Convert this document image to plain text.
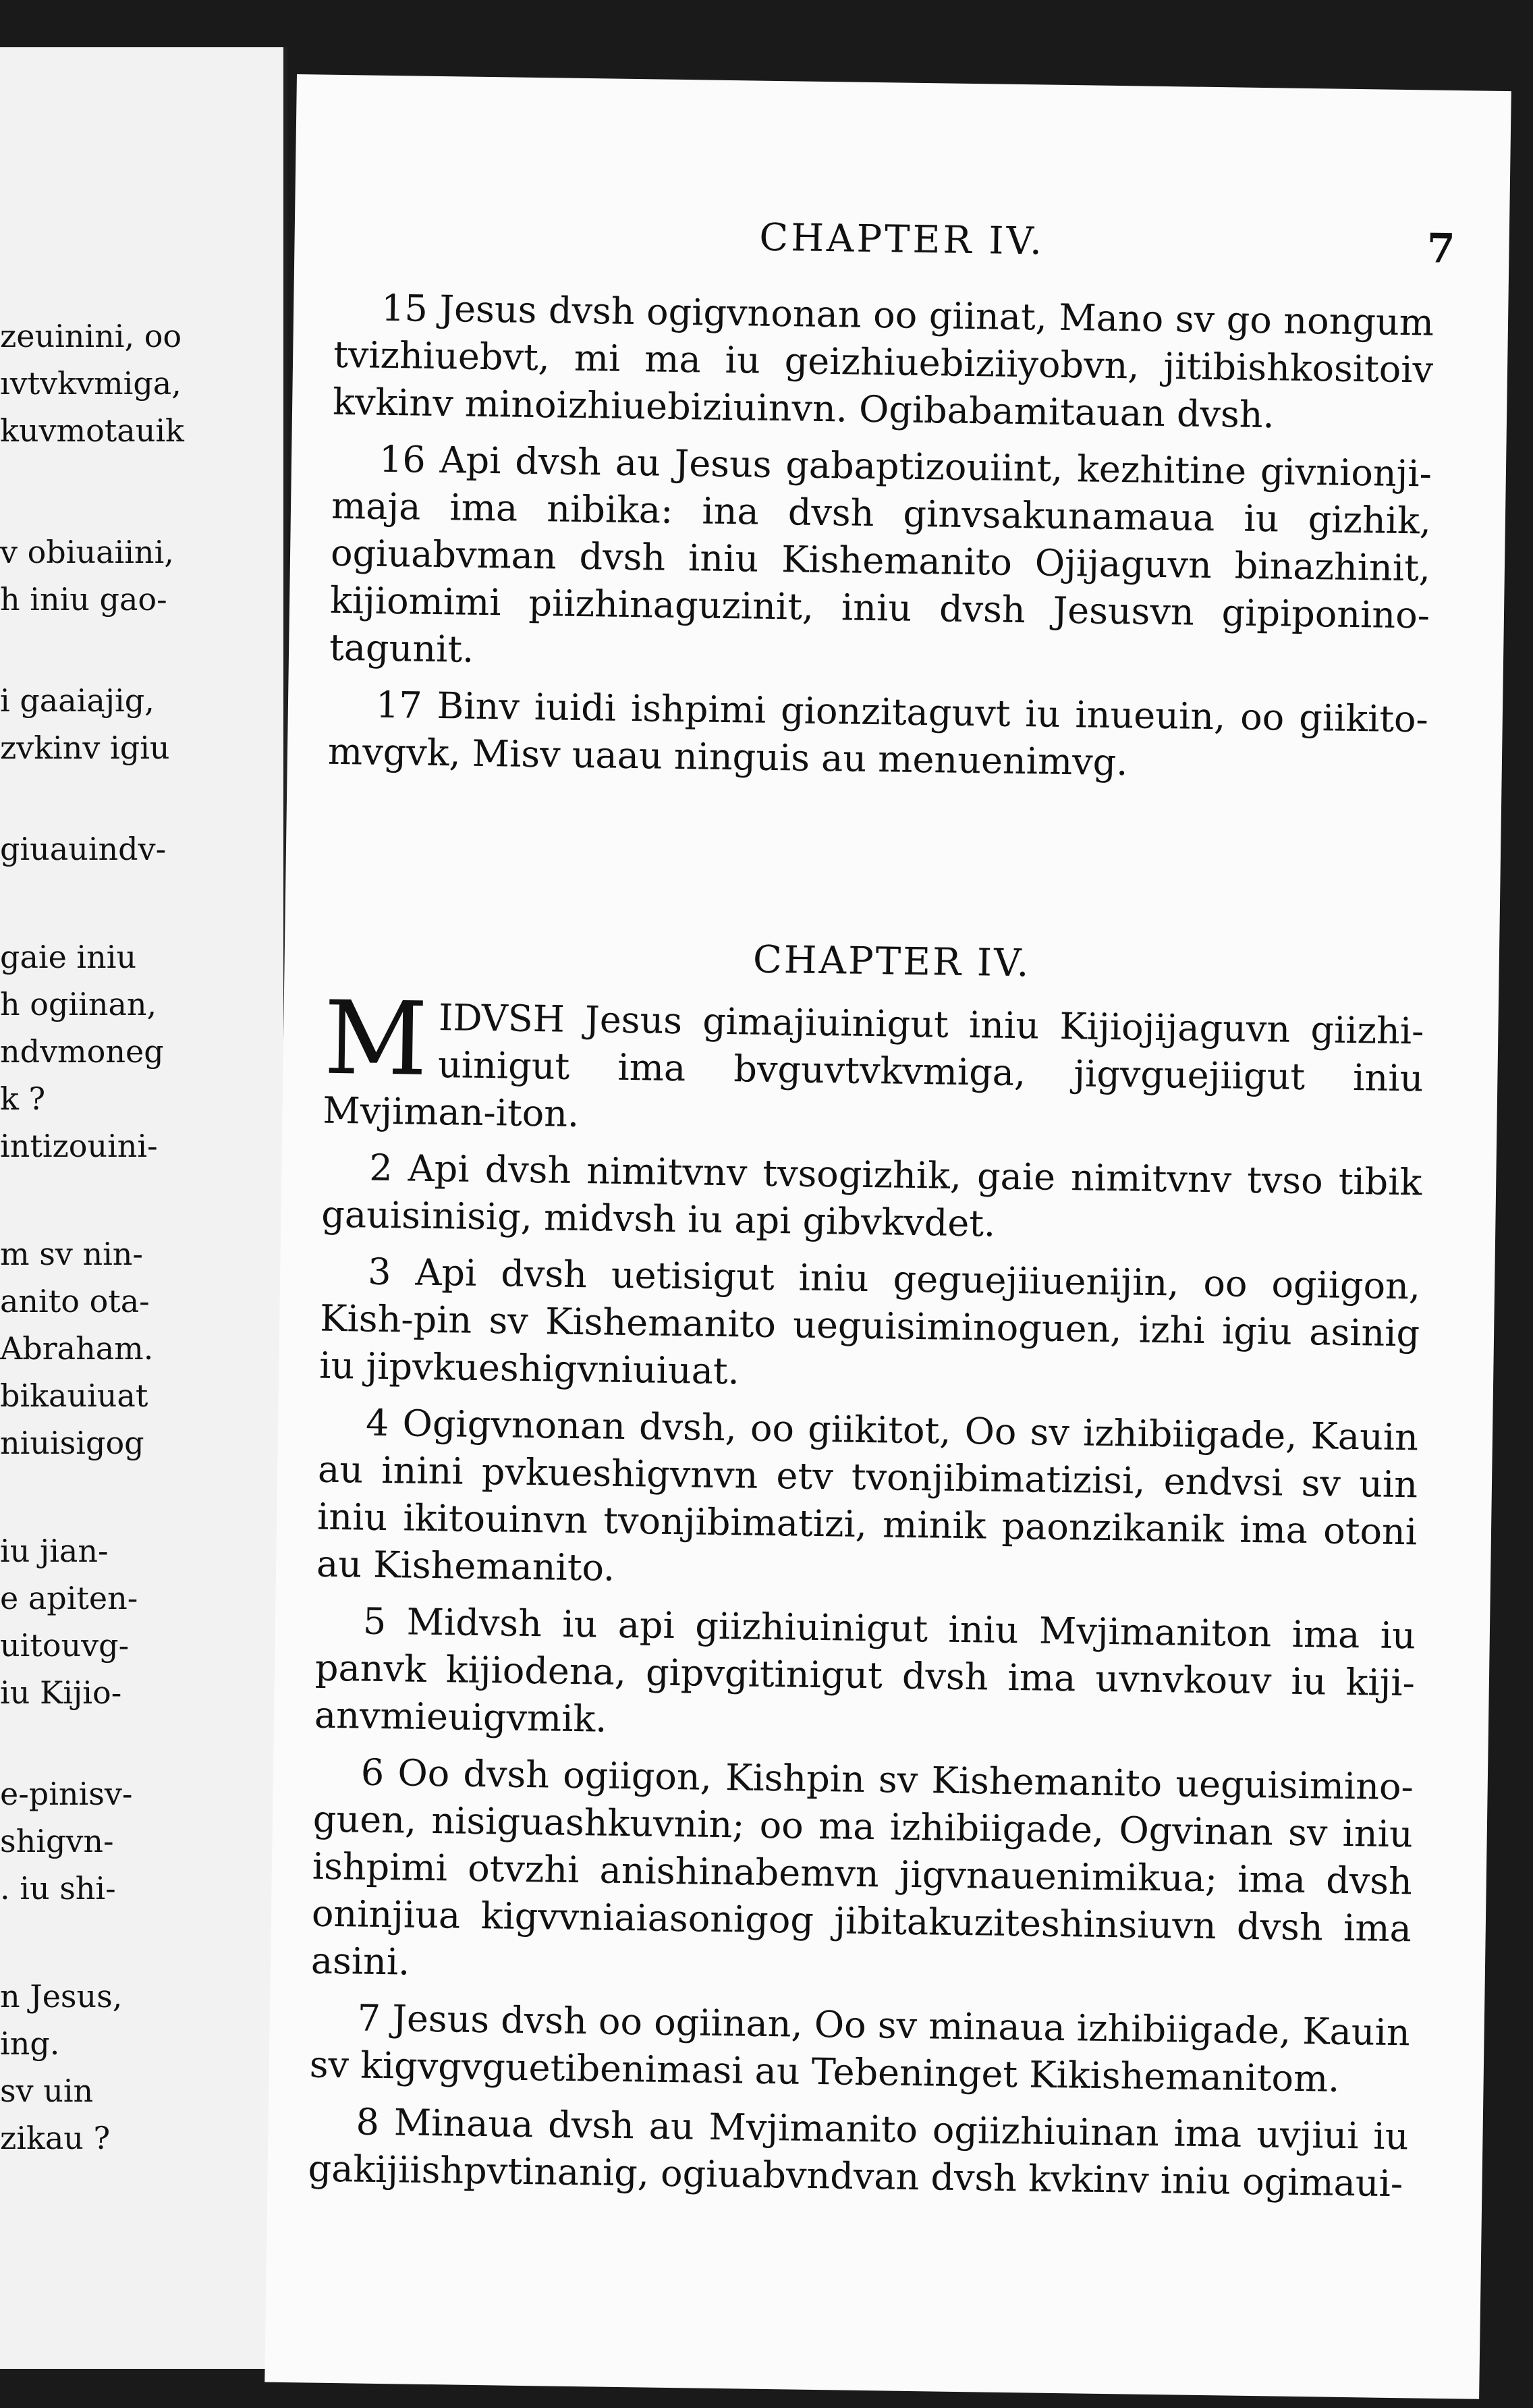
zeuinini, oo
ıvtvkvmiga,
kuvmotauik
v obiuaiini,
h iniu gao-
i gaaiajig,
zvkinv igiu
giuauindv-
gaie iniu
h ogiinan,
ndvmoneg
k ?
intizouini-
m sv nin-
anito ota-
Abraham.
bikauiuat
niuisigog
iu jian-
e apiten-
uitouvg-
iu Kijio-
e-pinisv-
shigvn-
. iu shi-
n Jesus,
ing.
sv uin
zikau ?
CHAPTER IV.	7

15 Jesus dvsh ogigvnonan oo giinat, Mano sv go nongum tvizhiuebvt, mi ma iu geizhiuebiziiyobvn, jitibishkositoiv kvkinv minoizhiuebiziuinvn. Ogibabamitauan dvsh.

16 Api dvsh au Jesus gabaptizouiint, kezhitine givnionji-maja ima nibika: ina dvsh ginvsakunamaua iu gizhik, ogiuabvman dvsh iniu Kishemanito Ojijaguvn binazhinit, kijiomimi piizhinaguzinit, iniu dvsh Jesusvn gipiponino-tagunit.

17 Binv iuidi ishpimi gionzitaguvt iu inueuin, oo giikito-mvgvk, Misv uaau ninguis au menuenimvg.

CHAPTER IV.

M IDVSH Jesus gimajiuinigut iniu Kijiojijaguvn giizhi-uinigut ima bvguvtvkvmiga, jigvguejiigut iniu Mvjiman-iton.

2 Api dvsh nimitvnv tvsogizhik, gaie nimitvnv tvso tibik gauisinisig, midvsh iu api gibvkvdet.

3 Api dvsh uetisigut iniu geguejiiuenijin, oo ogiigon, Kish-pin sv Kishemanito ueguisiminoguen, izhi igiu asinig iu jipvkueshigvniuiuat.

4 Ogigvnonan dvsh, oo giikitot, Oo sv izhibiigade, Kauin au inini pvkueshigvnvn etv tvonjibimatizisi, endvsi sv uin iniu ikitouinvn tvonjibimatizi, minik paonzikanik ima otoni au Kishemanito.

5 Midvsh iu api giizhiuinigut iniu Mvjimaniton ima iu panvk kijiodena, gipvgitinigut dvsh ima uvnvkouv iu kiji-anvmieuigvmik.

6 Oo dvsh ogiigon, Kishpin sv Kishemanito ueguisimino-guen, nisiguashkuvnin; oo ma izhibiigade, Ogvinan sv iniu ishpimi otvzhi anishinabemvn jigvnauenimikua; ima dvsh oninjiua kigvvniaiasonigog jibitakuziteshinsiuvn dvsh ima asini.

7 Jesus dvsh oo ogiinan, Oo sv minaua izhibiigade, Kauin sv kigvgvguetibenimasi au Tebeninget Kikishemanitom.

8 Minaua dvsh au Mvjimanito ogiizhiuinan ima uvjiui iu gakijiishpvtinanig, ogiuabvndvan dvsh kvkinv iniu ogimaui-
